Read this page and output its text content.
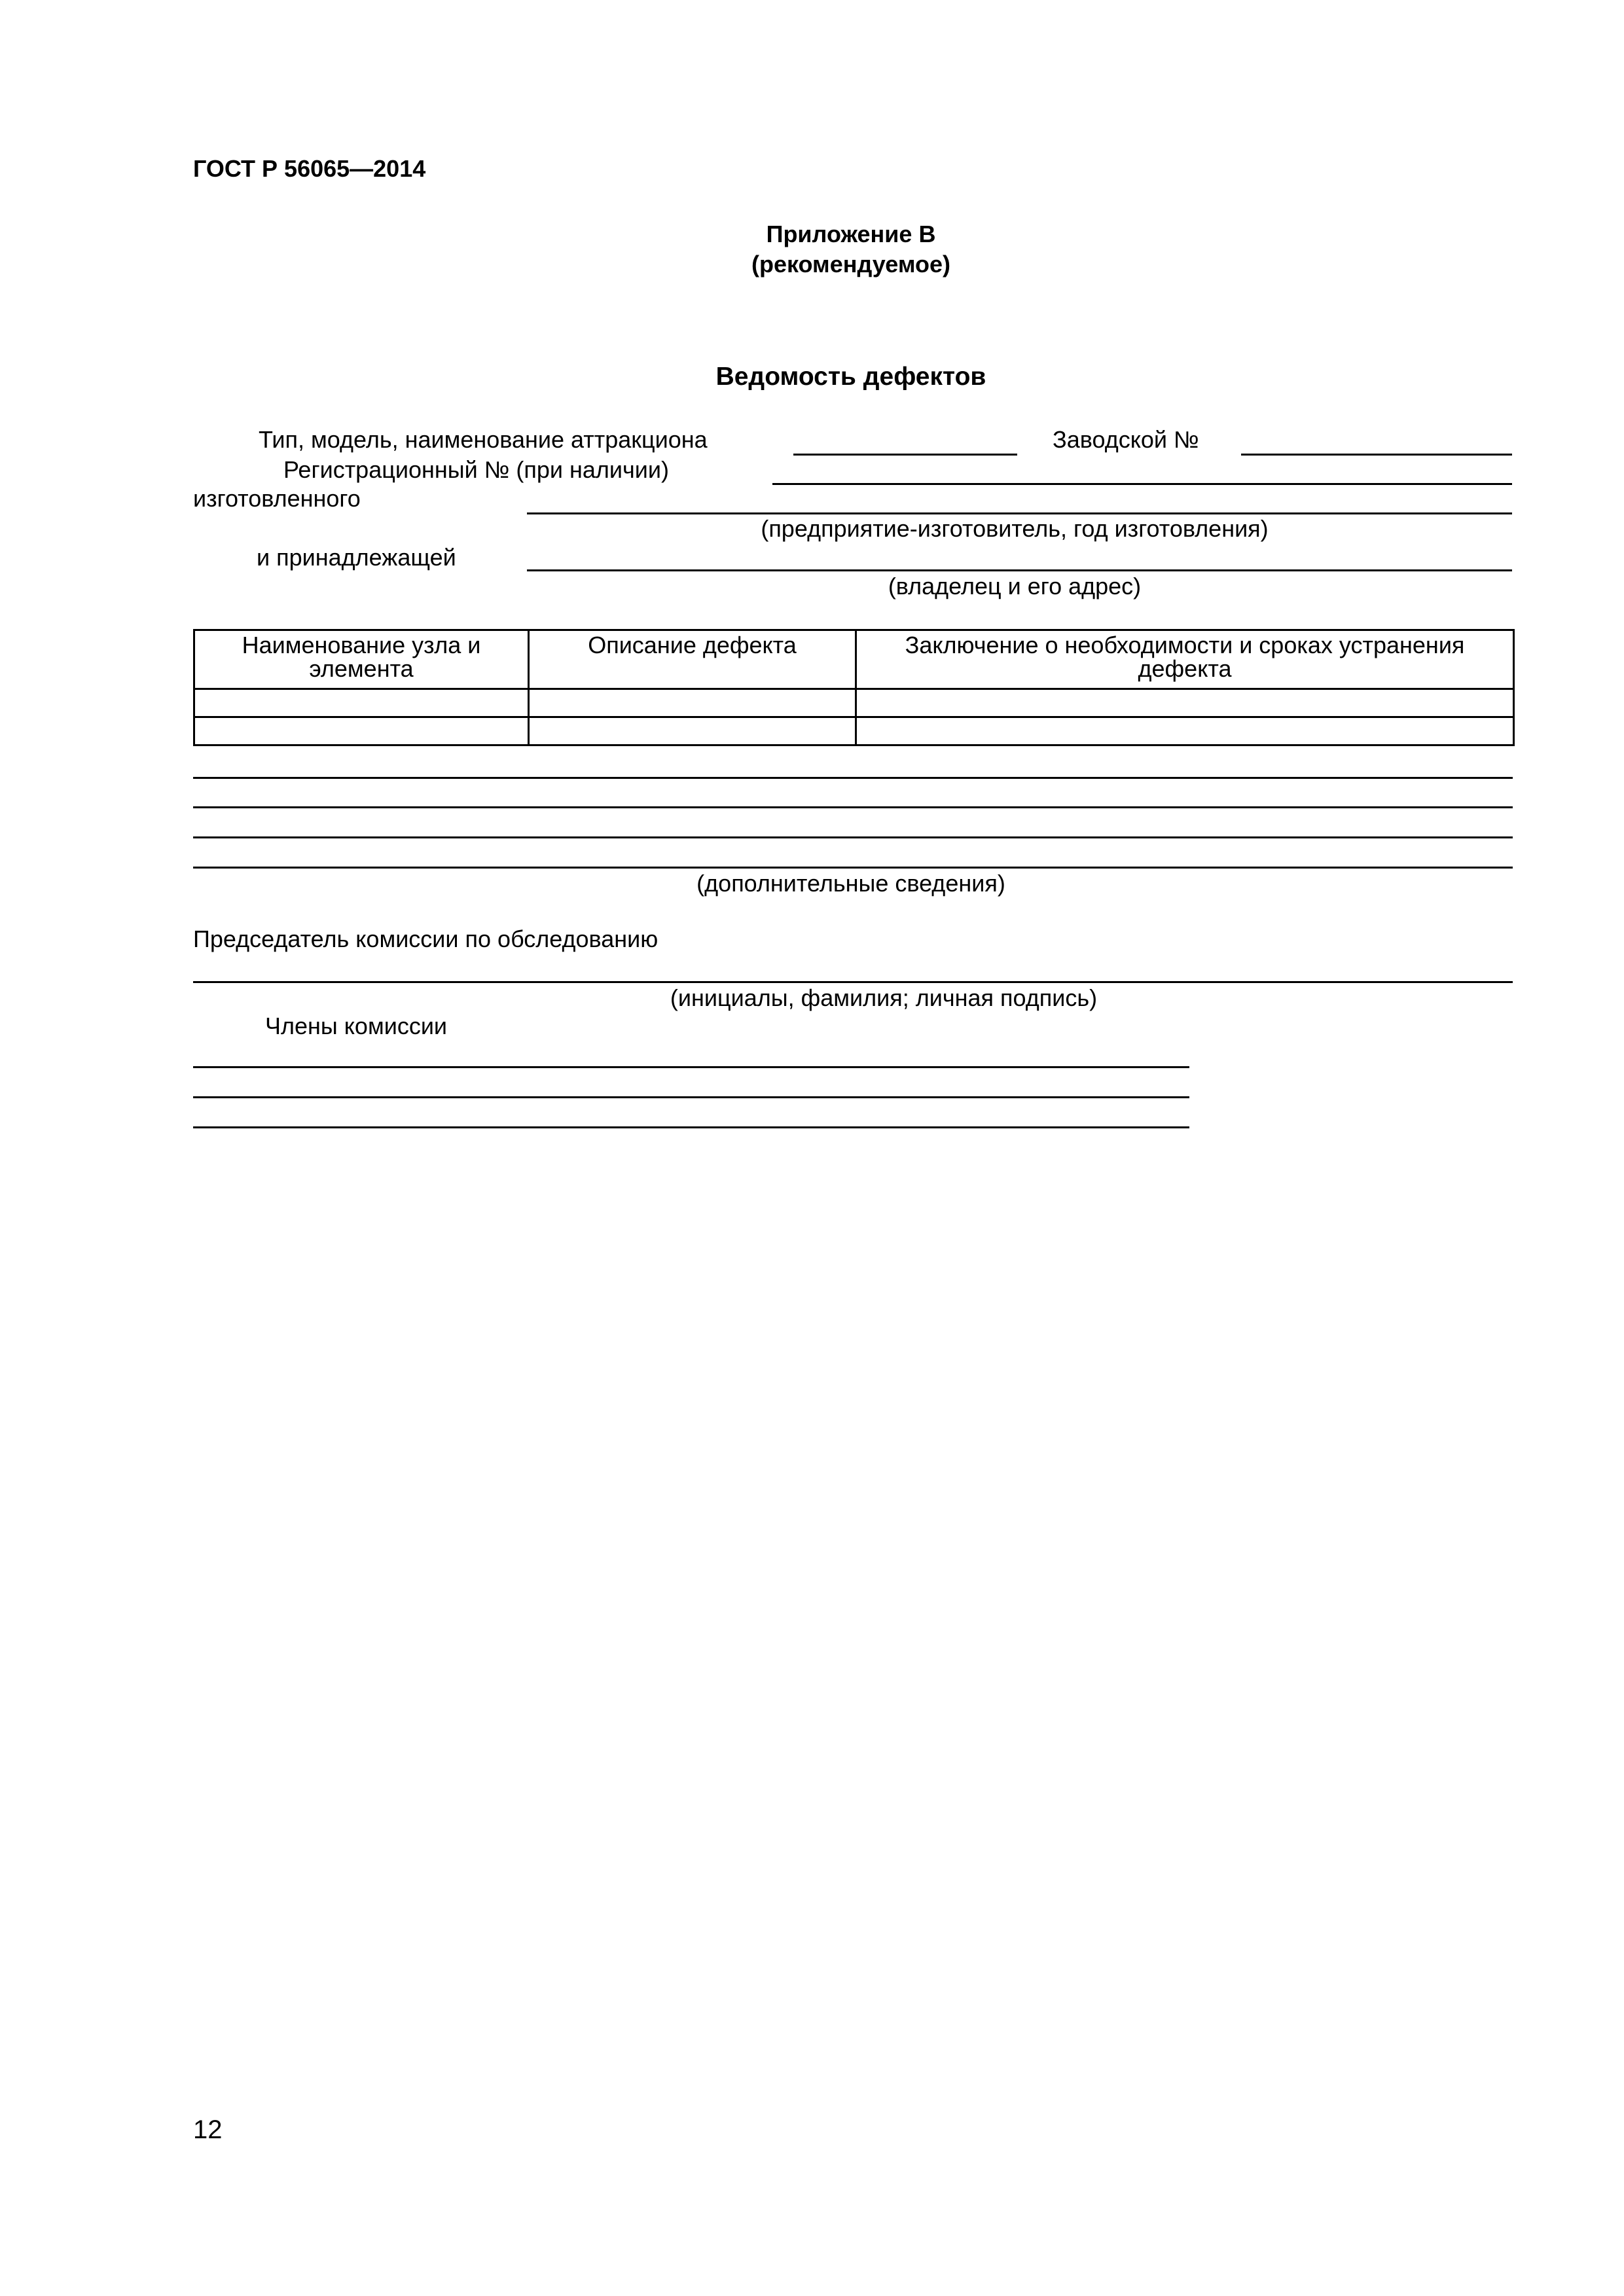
ГОСТ Р 56065—2014
Приложение В
(рекомендуемое)
Ведомость дефектов
Тип, модель, наименование аттракциона	Заводской №
Регистрационный № (при наличии)
изготовленного
(предприятие-изготовитель, год изготовления)
и принадлежащей
(владелец и его адрес)
Наименование узла и элемента	Описание дефекта	Заключение о необходимости и сроках устранения дефекта

(дополнительные сведения)
Председатель комиссии по обследованию
(инициалы, фамилия; личная подпись)
Члены комиссии
12
